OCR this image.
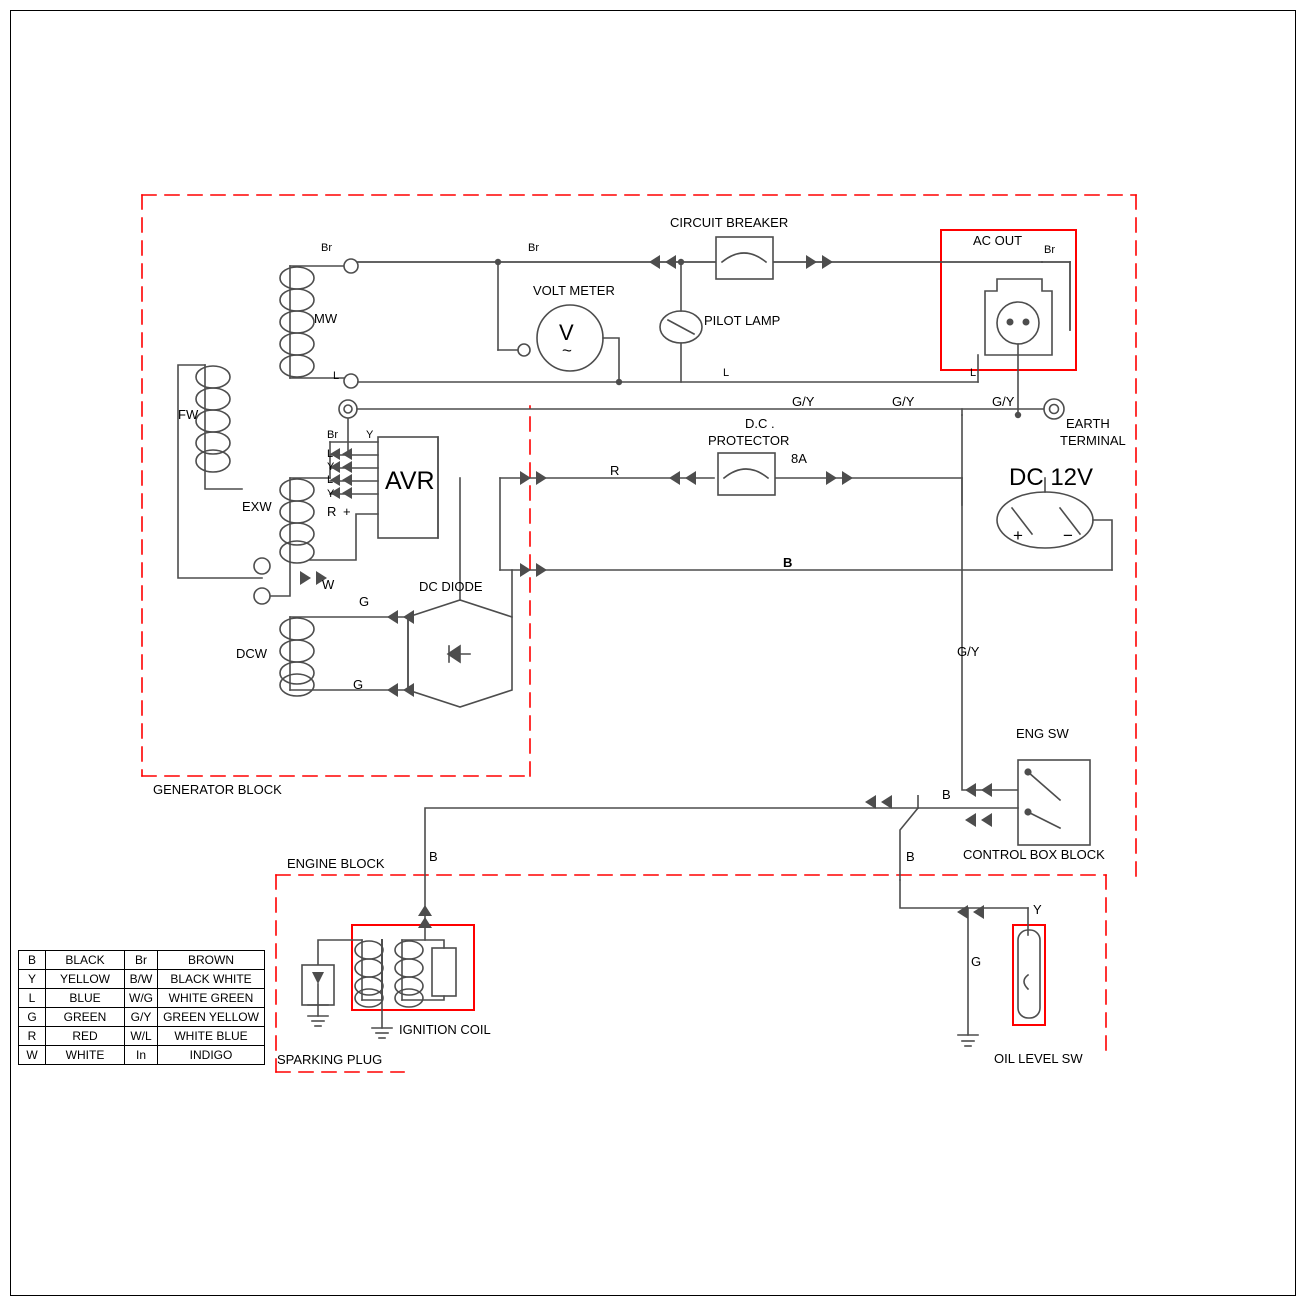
Br	Br	Br
L	L	L
Br	Y
L
Y
L
Y
G/Y	G/Y	G/Y
G/Y
R
B
W
G
G
B
B
B
Y
G
CIRCUIT BREAKER
VOLT METER
V
~
PILOT LAMP
AC OUT
EARTH
TERMINAL
D.C .
PROTECTOR
8A
DC 12V
+ −
AVR
R +
DC DIODE
MW
FW
EXW
DCW
ENG SW
OIL LEVEL SW
IGNITION COIL
SPARKING PLUG
GENERATOR BLOCK
ENGINE BLOCK
CONTROL BOX BLOCK
B	BLACK	Br	BROWN
Y	YELLOW	B/W	BLACK WHITE
L	BLUE	W/G	WHITE GREEN
G	GREEN	G/Y	GREEN YELLOW
R	RED	W/L	WHITE BLUE
W	WHITE	In	INDIGO
